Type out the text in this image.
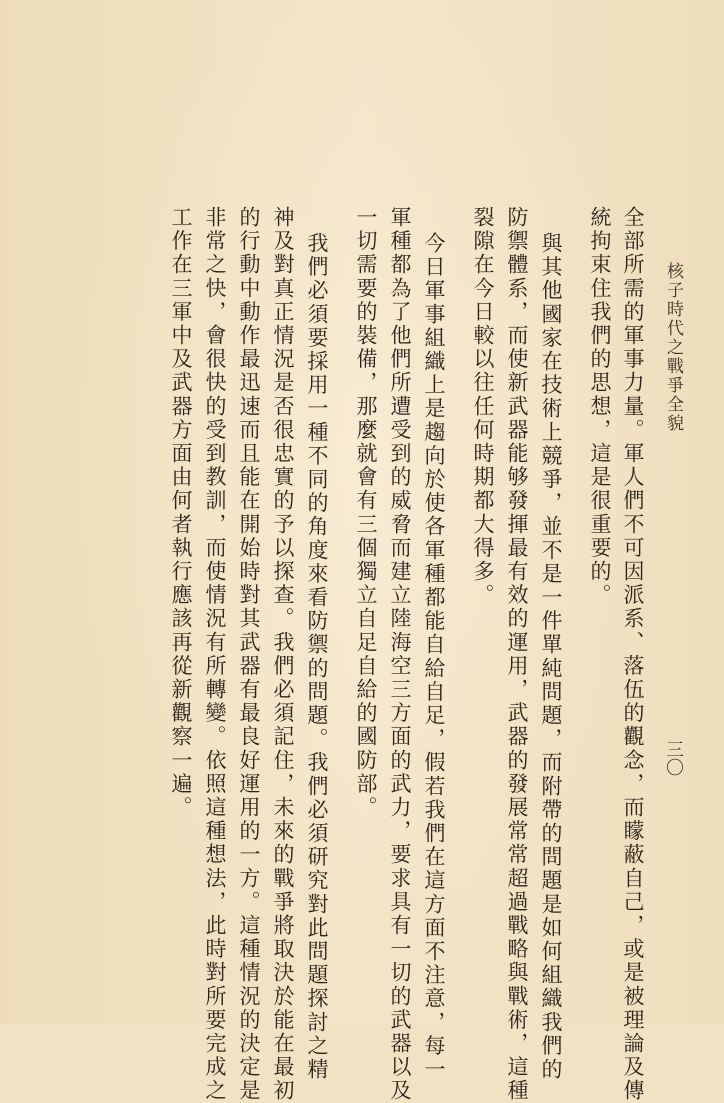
核子時代之戰爭全貌
三〇
全部所需的軍事力量。軍人們不可因派系、落伍的觀念，而矇蔽自己，或是被理論及傳
統拘束住我們的思想，這是很重要的。
與其他國家在技術上競爭，並不是一件單純問題，而附帶的問題是如何組織我們的
防禦體系，而使新武器能够發揮最有效的運用，武器的發展常常超過戰略與戰術，這種
裂隙在今日較以往任何時期都大得多。
今日軍事組織上是趨向於使各軍種都能自給自足，假若我們在這方面不注意，每一
軍種都為了他們所遭受到的威脅而建立陸海空三方面的武力，要求具有一切的武器以及
一切需要的裝備，那麼就會有三個獨立自足自給的國防部。
我們必須要採用一種不同的角度來看防禦的問題。我們必須研究對此問題探討之精
神及對真正情況是否很忠實的予以探查。我們必須記住，未來的戰爭將取決於能在最初
的行動中動作最迅速而且能在開始時對其武器有最良好運用的一方。這種情況的決定是
非常之快，會很快的受到教訓，而使情況有所轉變。依照這種想法，此時對所要完成之
工作在三軍中及武器方面由何者執行應該再從新觀察一遍。
